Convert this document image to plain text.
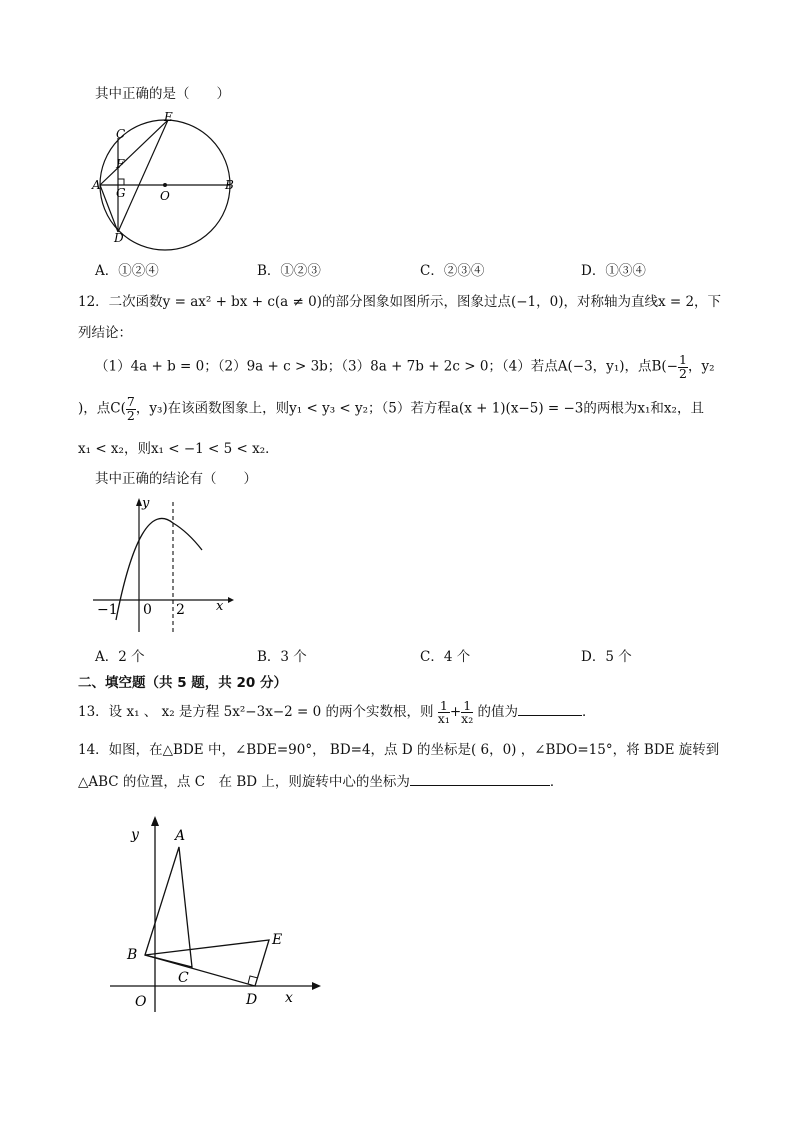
其中正确的是（　　）
C
E
F
A
G	O
B
D
A．①②④	B．①②③	C．②③④	D．①③④
12．二次函数y = ax² + bx + c(a ≠ 0)的部分图象如图所示，图象过点(−1，0)，对称轴为直线x = 2，下
列结论：
（1）4a + b = 0；（2）9a + c > 3b；（3）8a + 7b + 2c > 0；（4）若点A(−3，y₁)，点$B(- \frac{1}{2}$ ，y₂
)，点$C( \frac{7}{2}$ ，y₃)在该函数图象上，则y₁ < y₃ < y₂；（5）若方程a(x + 1)(x−5) = −3的两根为x₁和x₂，且
x₁ < x₂，则x₁ < −1 < 5 < x₂．
其中正确的结论有（　　）
y
−1 0 2 x
A．2 个	B．3 个	C．4 个	D．5 个
二、填空题（共 5 题，共 20 分）
13．设 x₁ 、 x₂ 是方程 5x²−3x−2 = 0 的两个实数根，则 $\frac{1}{\text{x₁}} + \frac{1}{\text{x₂}}$ 的值为	．
14．如图，在△BDE 中，∠BDE=90°， BD=4，点 D 的坐标是( 6，0) ，∠BDO=15°，将 BDE 旋转到
△ABC 的位置，点 C　在 BD 上，则旋转中心的坐标为	．
y	A
B
E
C
O	D x
